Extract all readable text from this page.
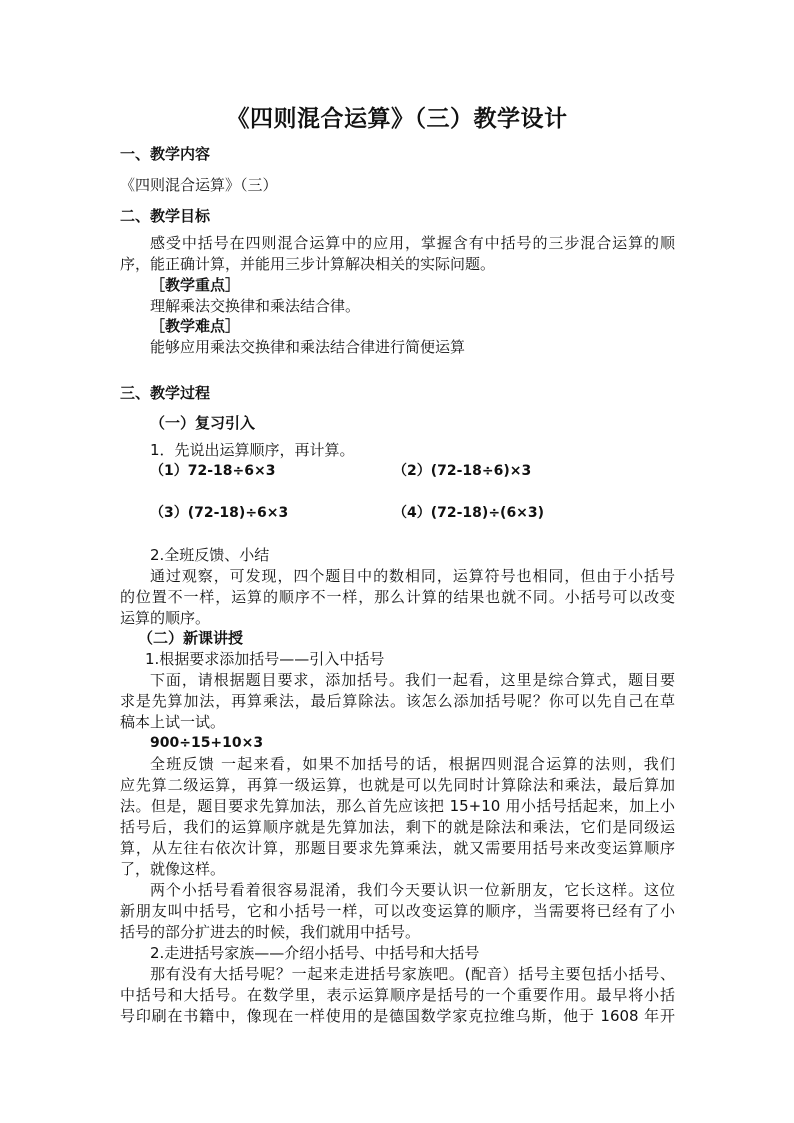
《四则混合运算》（三）教学设计
一、教学内容
《四则混合运算》（三）
二、教学目标
感受中括号在四则混合运算中的应用，掌握含有中括号的三步混合运算的顺
序，能正确计算，并能用三步计算解决相关的实际问题。
［教学重点］
理解乘法交换律和乘法结合律。
［教学难点］
能够应用乘法交换律和乘法结合律进行简便运算
三、教学过程
（一）复习引入
1．先说出运算顺序，再计算。
（1）72-18÷6×3	（2）(72-18÷6)×3
（3）(72-18)÷6×3	（4）(72-18)÷(6×3)
2.全班反馈、小结
通过观察，可发现，四个题目中的数相同，运算符号也相同，但由于小括号
的位置不一样，运算的顺序不一样，那么计算的结果也就不同。小括号可以改变
运算的顺序。
（二）新课讲授
1.根据要求添加括号——引入中括号
下面，请根据题目要求，添加括号。我们一起看，这里是综合算式，题目要
求是先算加法，再算乘法，最后算除法。该怎么添加括号呢？你可以先自己在草
稿本上试一试。
900÷15+10×3
全班反馈 一起来看，如果不加括号的话，根据四则混合运算的法则，我们
应先算二级运算，再算一级运算，也就是可以先同时计算除法和乘法，最后算加
法。但是，题目要求先算加法，那么首先应该把 15+10 用小括号括起来，加上小
括号后，我们的运算顺序就是先算加法，剩下的就是除法和乘法，它们是同级运
算，从左往右依次计算，那题目要求先算乘法，就又需要用括号来改变运算顺序
了，就像这样。
两个小括号看着很容易混淆，我们今天要认识一位新朋友，它长这样。这位
新朋友叫中括号，它和小括号一样，可以改变运算的顺序，当需要将已经有了小
括号的部分扩进去的时候，我们就用中括号。
2.走进括号家族——介绍小括号、中括号和大括号
那有没有大括号呢？一起来走进括号家族吧。(配音）括号主要包括小括号、
中括号和大括号。在数学里，表示运算顺序是括号的一个重要作用。最早将小括
号印刷在书籍中，像现在一样使用的是德国数学家克拉维乌斯，他于 1608 年开
